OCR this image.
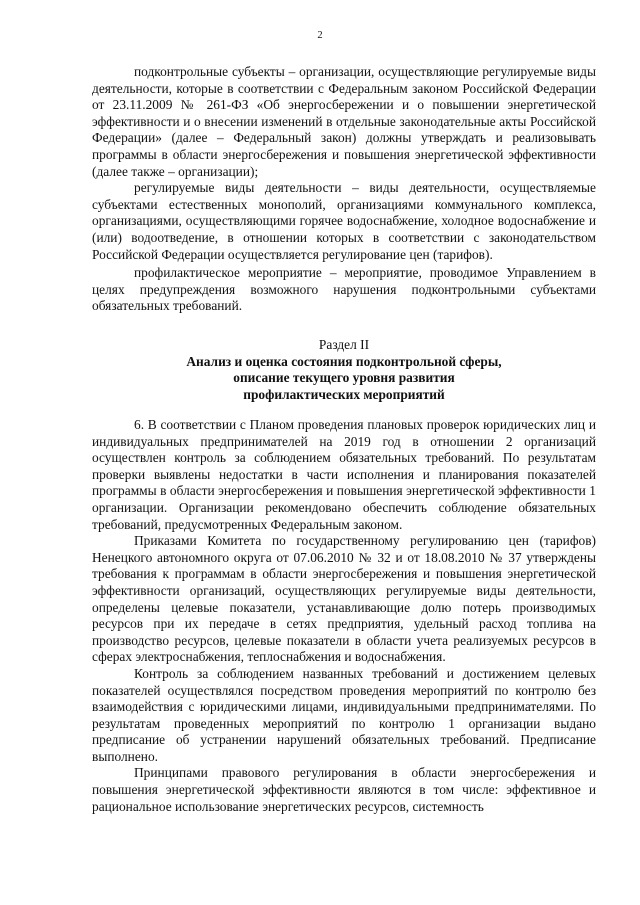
2

подконтрольные субъекты – организации, осуществляющие регулируемые виды деятельности, которые в соответствии с Федеральным законом Российской Федерации от 23.11.2009 № 261-ФЗ «Об энергосбережении и о повышении энергетической эффективности и о внесении изменений в отдельные законодательные акты Российской Федерации» (далее – Федеральный закон) должны утверждать и реализовывать программы в области энергосбережения и повышения энергетической эффективности (далее также – организации);

регулируемые виды деятельности – виды деятельности, осуществляемые субъектами естественных монополий, организациями коммунального комплекса, организациями, осуществляющими горячее водоснабжение, холодное водоснабжение и (или) водоотведение, в отношении которых в соответствии с законодательством Российской Федерации осуществляется регулирование цен (тарифов).

профилактическое мероприятие – мероприятие, проводимое Управлением в целях предупреждения возможного нарушения подконтрольными субъектами обязательных требований.

Раздел II
Анализ и оценка состояния подконтрольной сферы,
описание текущего уровня развития
профилактических мероприятий

6. В соответствии с Планом проведения плановых проверок юридических лиц и индивидуальных предпринимателей на 2019 год в отношении 2 организаций осуществлен контроль за соблюдением обязательных требований. По результатам проверки выявлены недостатки в части исполнения и планирования показателей программы в области энергосбережения и повышения энергетической эффективности 1 организации. Организации рекомендовано обеспечить соблюдение обязательных требований, предусмотренных Федеральным законом.

Приказами Комитета по государственному регулированию цен (тарифов) Ненецкого автономного округа от 07.06.2010 № 32 и от 18.08.2010 № 37 утверждены требования к программам в области энергосбережения и повышения энергетической эффективности организаций, осуществляющих регулируемые виды деятельности, определены целевые показатели, устанавливающие долю потерь производимых ресурсов при их передаче в сетях предприятия, удельный расход топлива на производство ресурсов, целевые показатели в области учета реализуемых ресурсов в сферах электроснабжения, теплоснабжения и водоснабжения.

Контроль за соблюдением названных требований и достижением целевых показателей осуществлялся посредством проведения мероприятий по контролю без взаимодействия с юридическими лицами, индивидуальными предпринимателями. По результатам проведенных мероприятий по контролю 1 организации выдано предписание об устранении нарушений обязательных требований. Предписание выполнено.

Принципами правового регулирования в области энергосбережения и повышения энергетической эффективности являются в том числе: эффективное и рациональное использование энергетических ресурсов, системность
